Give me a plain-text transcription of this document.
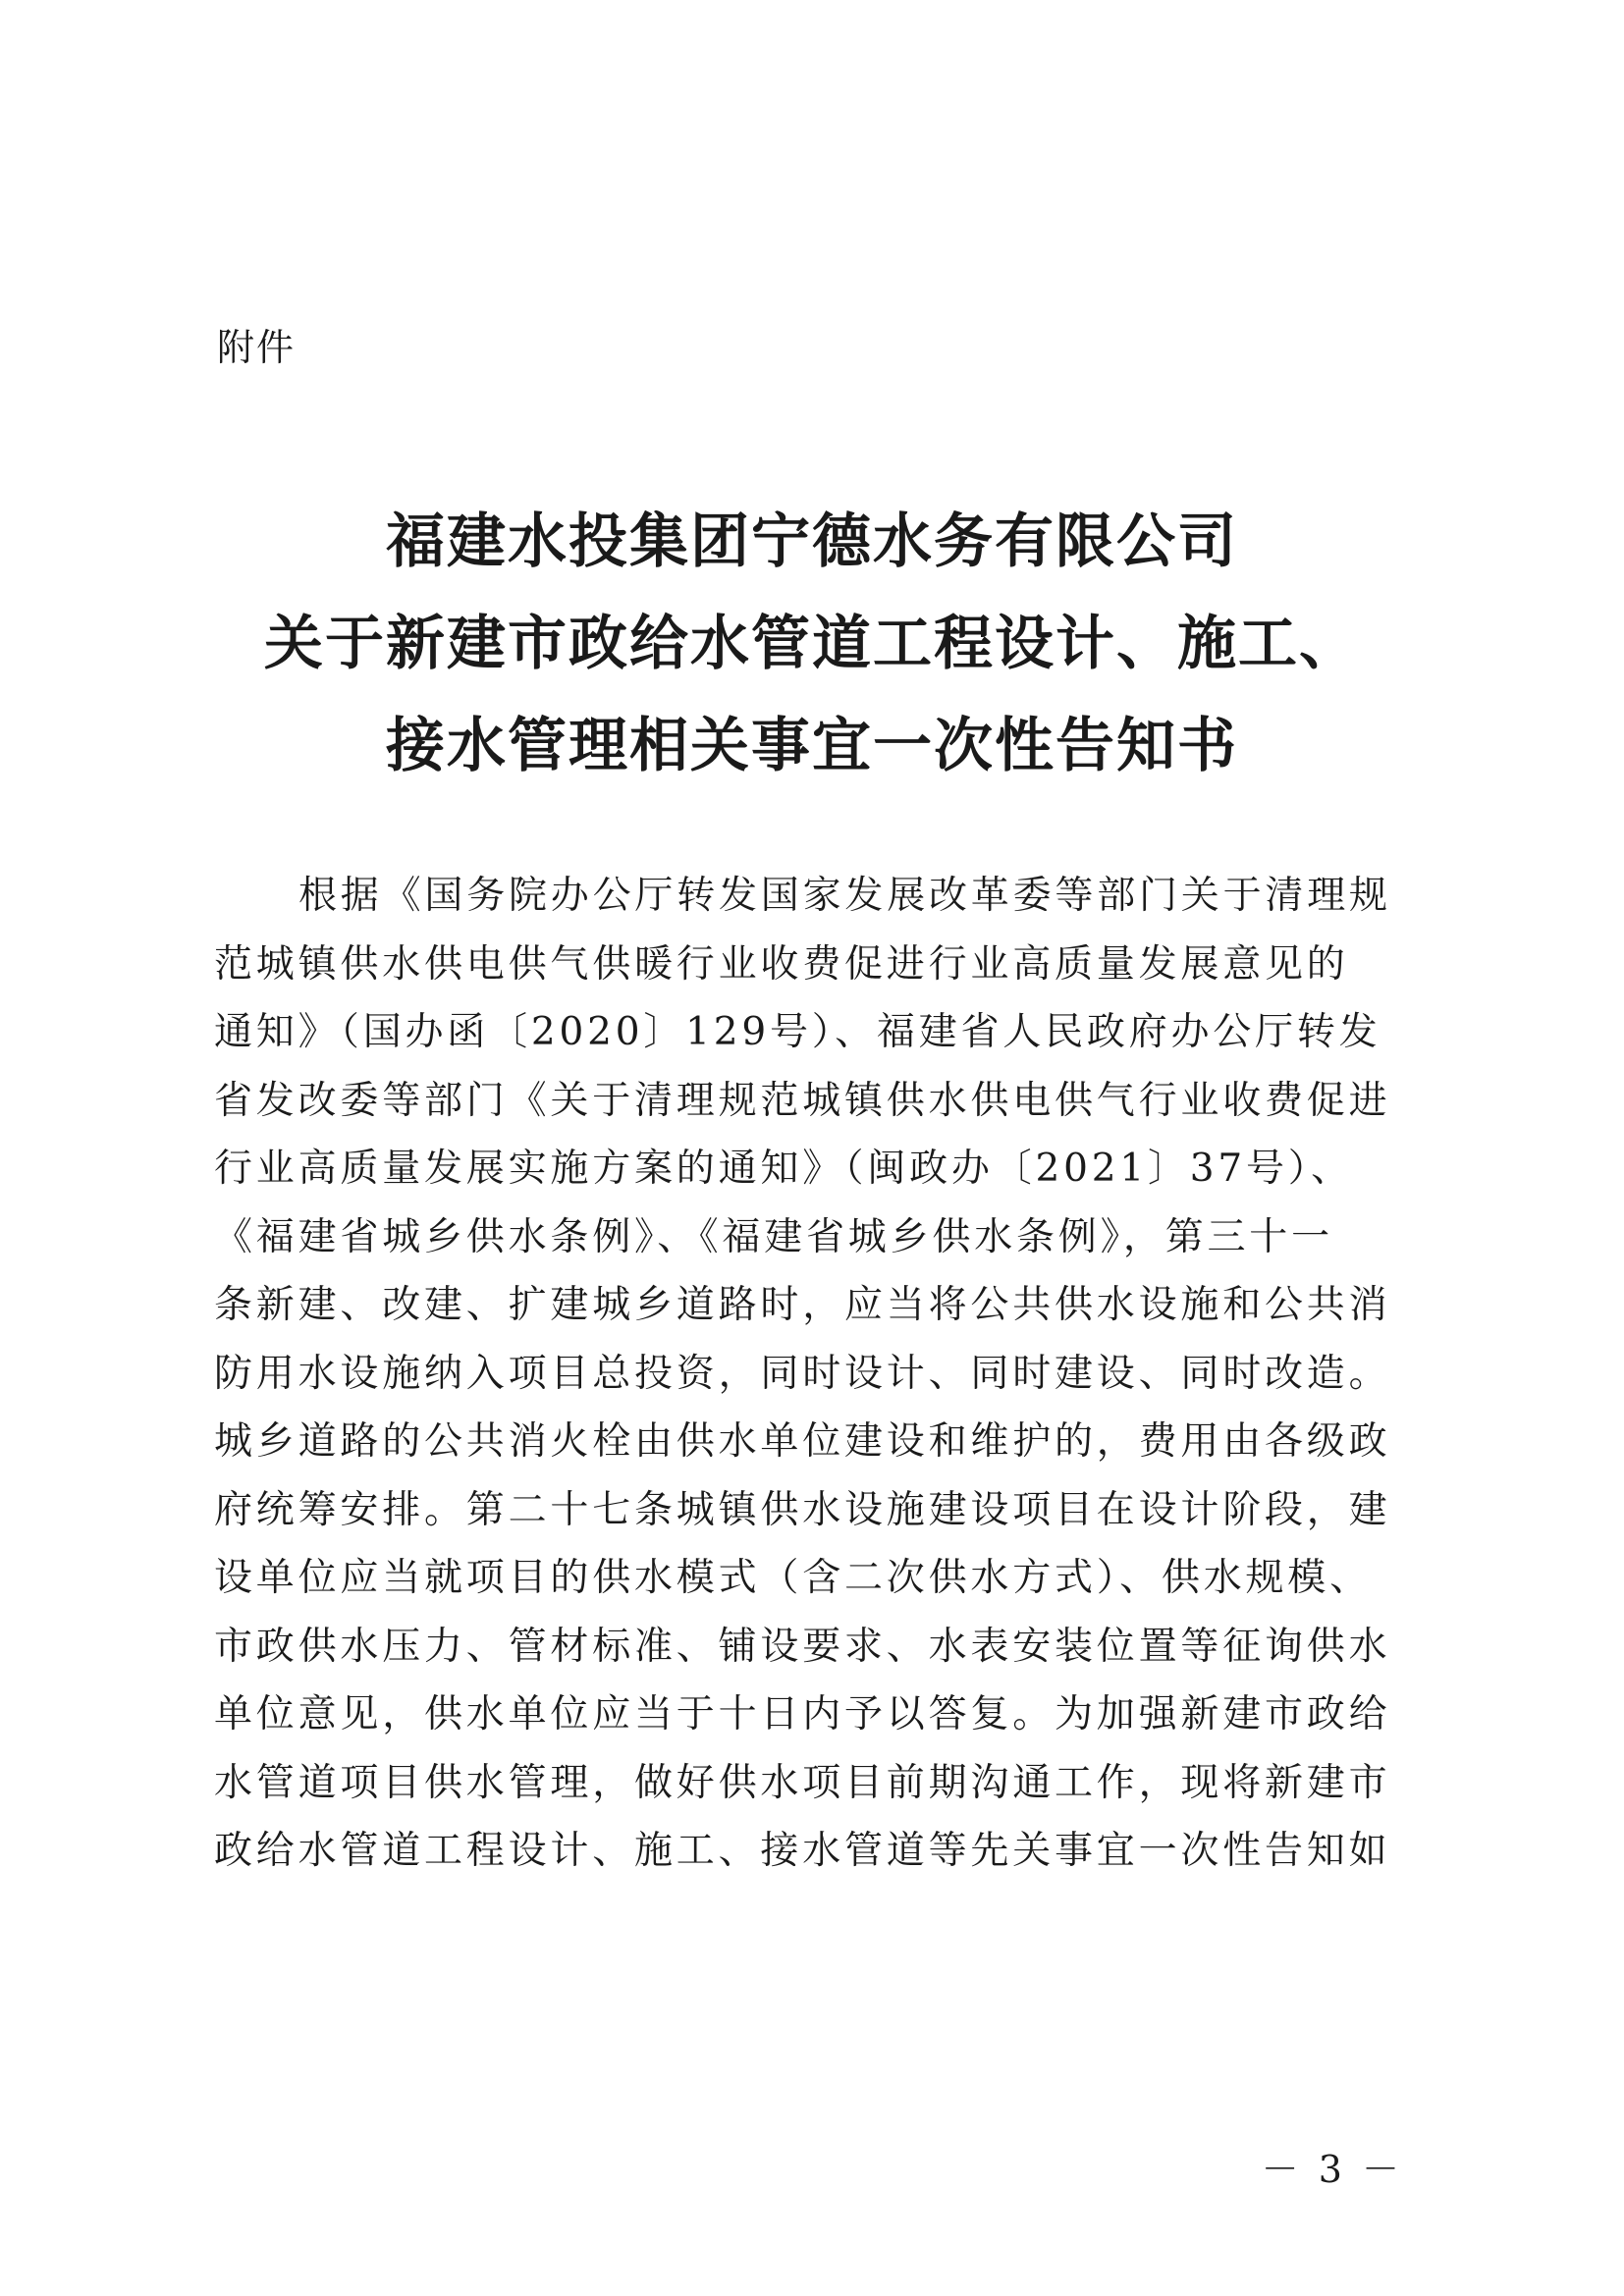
附件
福建水投集团宁德水务有限公司
关于新建市政给水管道工程设计、施工、
接水管理相关事宜一次性告知书
根据《国务院办公厅转发国家发展改革委等部门关于清理规
范城镇供水供电供气供暖行业收费促进行业高质量发展意见的
通知》（国办函〔2020〕129号）、福建省人民政府办公厅转发
省发改委等部门《关于清理规范城镇供水供电供气行业收费促进
行业高质量发展实施方案的通知》（闽政办〔2021〕37号）、
《福建省城乡供水条例》、《福建省城乡供水条例》，第三十一
条新建、改建、扩建城乡道路时，应当将公共供水设施和公共消
防用水设施纳入项目总投资，同时设计、同时建设、同时改造。
城乡道路的公共消火栓由供水单位建设和维护的，费用由各级政
府统筹安排。第二十七条城镇供水设施建设项目在设计阶段，建
设单位应当就项目的供水模式（含二次供水方式）、供水规模、
市政供水压力、管材标准、铺设要求、水表安装位置等征询供水
单位意见，供水单位应当于十日内予以答复。为加强新建市政给
水管道项目供水管理，做好供水项目前期沟通工作，现将新建市
政给水管道工程设计、施工、接水管道等先关事宜一次性告知如
－ 3 －
